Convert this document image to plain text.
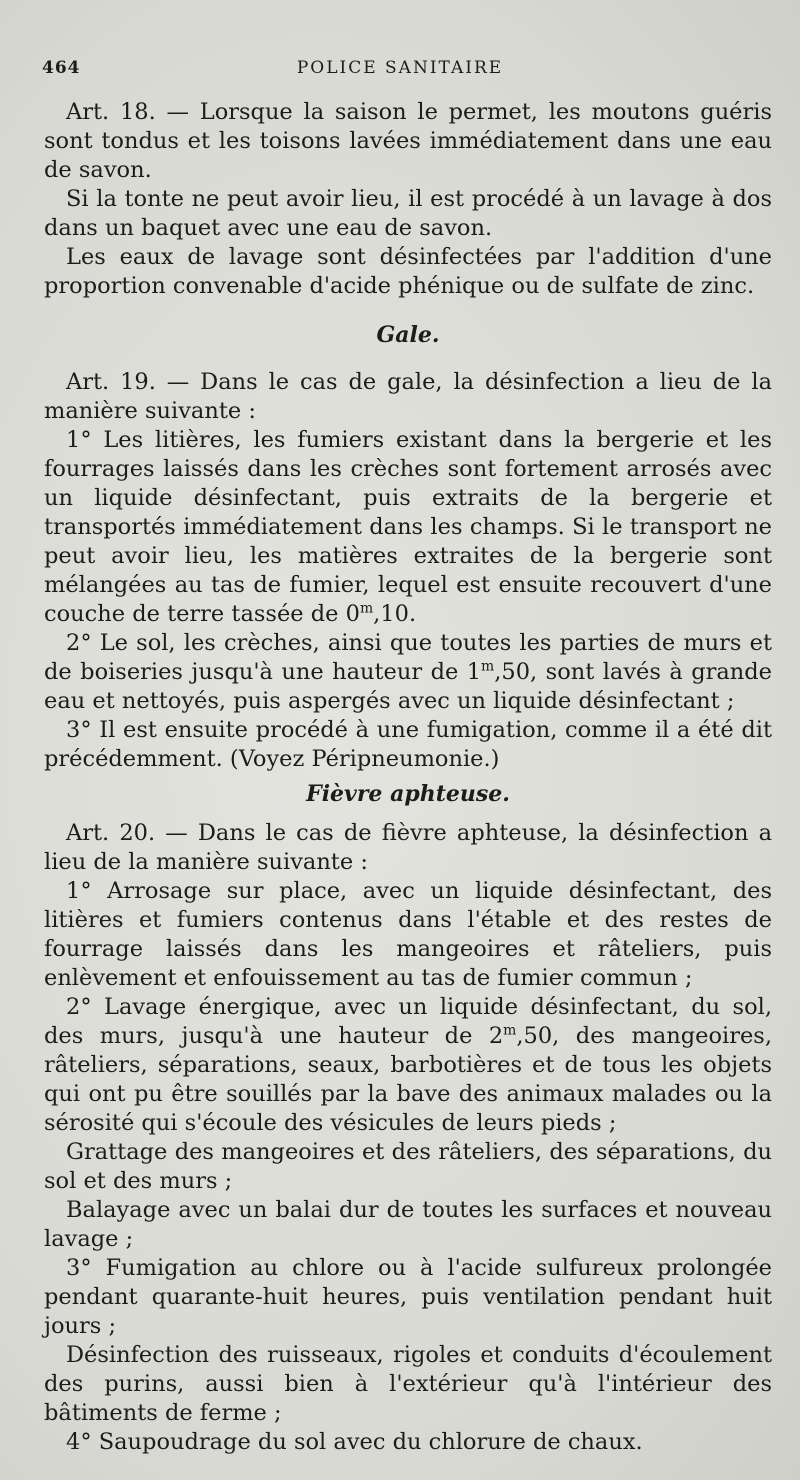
464	POLICE SANITAIRE

Art. 18. — Lorsque la saison le permet, les moutons guéris sont tondus et les toisons lavées immédiatement dans une eau de savon.

Si la tonte ne peut avoir lieu, il est procédé à un lavage à dos dans un baquet avec une eau de savon.

Les eaux de lavage sont désinfectées par l'addition d'une proportion convenable d'acide phénique ou de sulfate de zinc.

Gale.

Art. 19. — Dans le cas de gale, la désinfection a lieu de la manière suivante :

1° Les litières, les fumiers existant dans la bergerie et les fourrages laissés dans les crèches sont fortement arrosés avec un liquide désinfectant, puis extraits de la bergerie et transportés immédiatement dans les champs. Si le transport ne peut avoir lieu, les matières extraites de la bergerie sont mélangées au tas de fumier, lequel est ensuite recouvert d'une couche de terre tassée de 0$^m$,10.

2° Le sol, les crèches, ainsi que toutes les parties de murs et de boiseries jusqu'à une hauteur de 1$^m$,50, sont lavés à grande eau et nettoyés, puis aspergés avec un liquide désinfectant ;

3° Il est ensuite procédé à une fumigation, comme il a été dit précédemment. (Voyez Péripneumonie.)

Fièvre aphteuse.

Art. 20. — Dans le cas de fièvre aphteuse, la désinfection a lieu de la manière suivante :

1° Arrosage sur place, avec un liquide désinfectant, des litières et fumiers contenus dans l'étable et des restes de fourrage laissés dans les mangeoires et râteliers, puis enlèvement et enfouissement au tas de fumier commun ;

2° Lavage énergique, avec un liquide désinfectant, du sol, des murs, jusqu'à une hauteur de 2$^m$,50, des mangeoires, râteliers, séparations, seaux, barbotières et de tous les objets qui ont pu être souillés par la bave des animaux malades ou la sérosité qui s'écoule des vésicules de leurs pieds ;

Grattage des mangeoires et des râteliers, des séparations, du sol et des murs ;

Balayage avec un balai dur de toutes les surfaces et nouveau lavage ;

3° Fumigation au chlore ou à l'acide sulfureux prolongée pendant quarante-huit heures, puis ventilation pendant huit jours ;

Désinfection des ruisseaux, rigoles et conduits d'écoulement des purins, aussi bien à l'extérieur qu'à l'intérieur des bâtiments de ferme ;

4° Saupoudrage du sol avec du chlorure de chaux.
